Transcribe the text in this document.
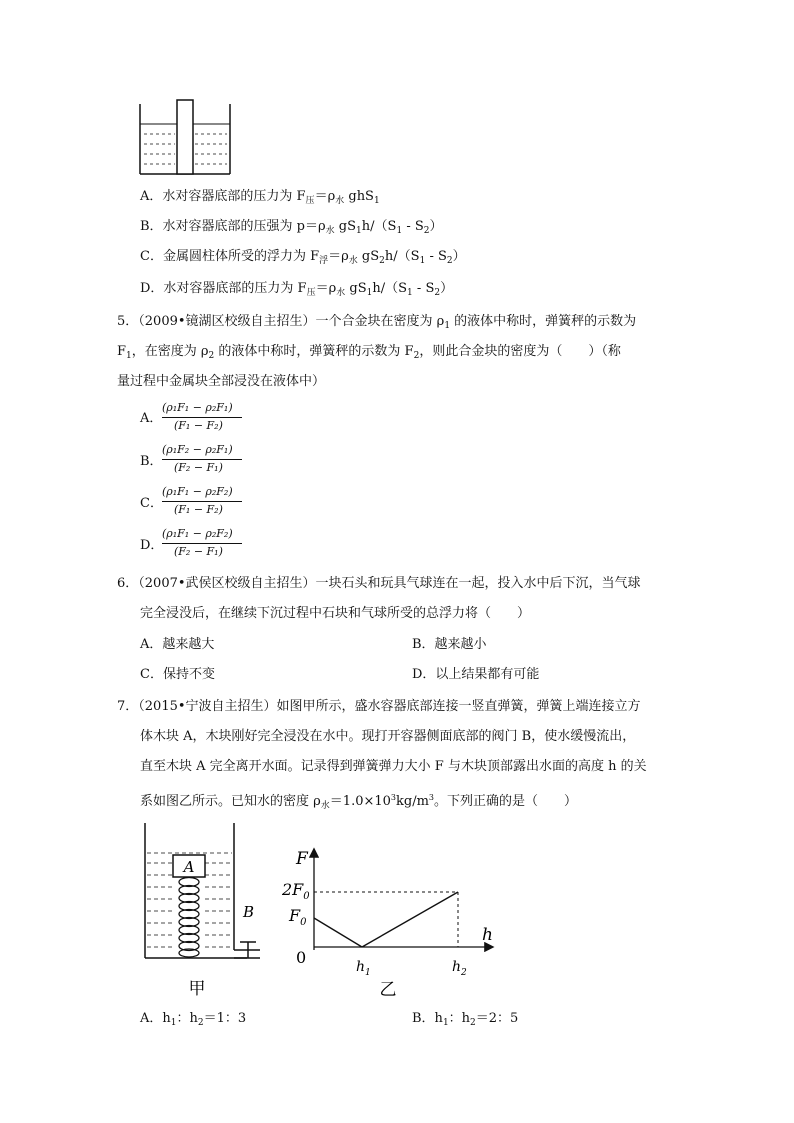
A．水对容器底部的压力为 $F_压=\rho_水$ ghS$_1$
B．水对容器底部的压强为 $p=\rho_水$ $gS_1h/(S_1 - S_2)$
C．金属圆柱体所受的浮力为 $F_浮=\rho_水$ $gS_2h/(S_1 - S_2)$
D．水对容器底部的压力为 $F_压=\rho_水$ $gS_1h/(S_1 - S_2)$
5．（2009•镜湖区校级自主招生）一个合金块在密度为 $\rho_1$ 的液体中称时，弹簧秤的示数为
$F_1$，在密度为 $\rho_2$ 的液体中称时，弹簧秤的示数为 $F_2$，则此合金块的密度为（　　）（称
量过程中金属块全部浸没在液体中）
A．
(ρ₁F₁ − ρ₂F₁)
(F₁ − F₂)
B．
(ρ₁F₂ − ρ₂F₁)
(F₂ − F₁)
C．
(ρ₁F₁ − ρ₂F₂)
(F₁ − F₂)
D．
(ρ₁F₁ − ρ₂F₂)
(F₂ − F₁)
6．（2007•武侯区校级自主招生）一块石头和玩具气球连在一起，投入水中后下沉，当气球
完全浸没后，在继续下沉过程中石块和气球所受的总浮力将（　　）
A．越来越大	B．越来越小
C．保持不变	D．以上结果都有可能
7．（2015•宁波自主招生）如图甲所示，盛水容器底部连接一竖直弹簧，弹簧上端连接立方
体木块 A，木块刚好完全浸没在水中。现打开容器侧面底部的阀门 B，使水缓慢流出，
直至木块 A 完全离开水面。记录得到弹簧弹力大小 F 与木块顶部露出水面的高度 h 的关
系如图乙所示。已知水的密度 $\rho_水=1.0\times 10^3kg/m^3$。下列正确的是（　　）
A
B
甲
F
h
0
$2F_0$
$F_0$
$h_1$	$h_2$
乙
A．$h_1$：$h_2=1$：3	B．$h_1$：$h_2=2$：5
